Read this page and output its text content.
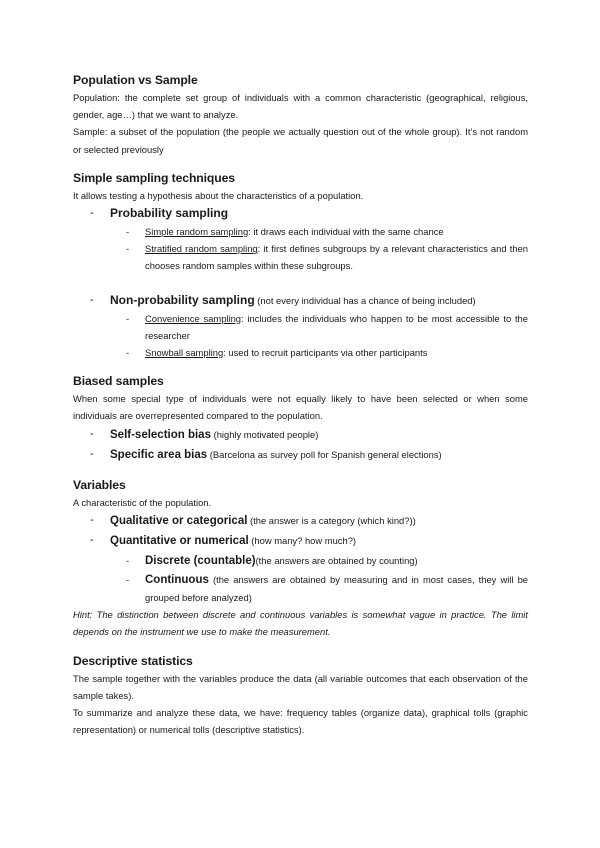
Population vs Sample

Population: the complete set group of individuals with a common characteristic (geographical, religious, gender, age…) that we want to analyze.

Sample: a subset of the population (the people we actually question out of the whole group). It’s not random or selected previously

Simple sampling techniques

It allows testing a hypothesis about the characteristics of a population.

- Probability sampling
- Simple random sampling: it draws each individual with the same chance
- Stratified random sampling: it first defines subgroups by a relevant characteristics and then chooses random samples within these subgroups.
- Non-probability sampling (not every individual has a chance of being included)
- Convenience sampling: includes the individuals who happen to be most accessible to the researcher
- Snowball sampling: used to recruit participants via other participants
Biased samples

When some special type of individuals were not equally likely to have been selected or when some individuals are overrepresented compared to the population.

- Self-selection bias (highly motivated people)
- Specific area bias (Barcelona as survey poll for Spanish general elections)
Variables

A characteristic of the population.

- Qualitative or categorical (the answer is a category (which kind?))
- Quantitative or numerical (how many? how much?)
- Discrete (countable)(the answers are obtained by counting)
- Continuous (the answers are obtained by measuring and in most cases, they will be grouped before analyzed)

Hint: The distinction between discrete and continuous variables is somewhat vague in practice. The limit depends on the instrument we use to make the measurement.

Descriptive statistics

The sample together with the variables produce the data (all variable outcomes that each observation of the sample takes).

To summarize and analyze these data, we have: frequency tables (organize data), graphical tolls (graphic representation) or numerical tolls (descriptive statistics).
